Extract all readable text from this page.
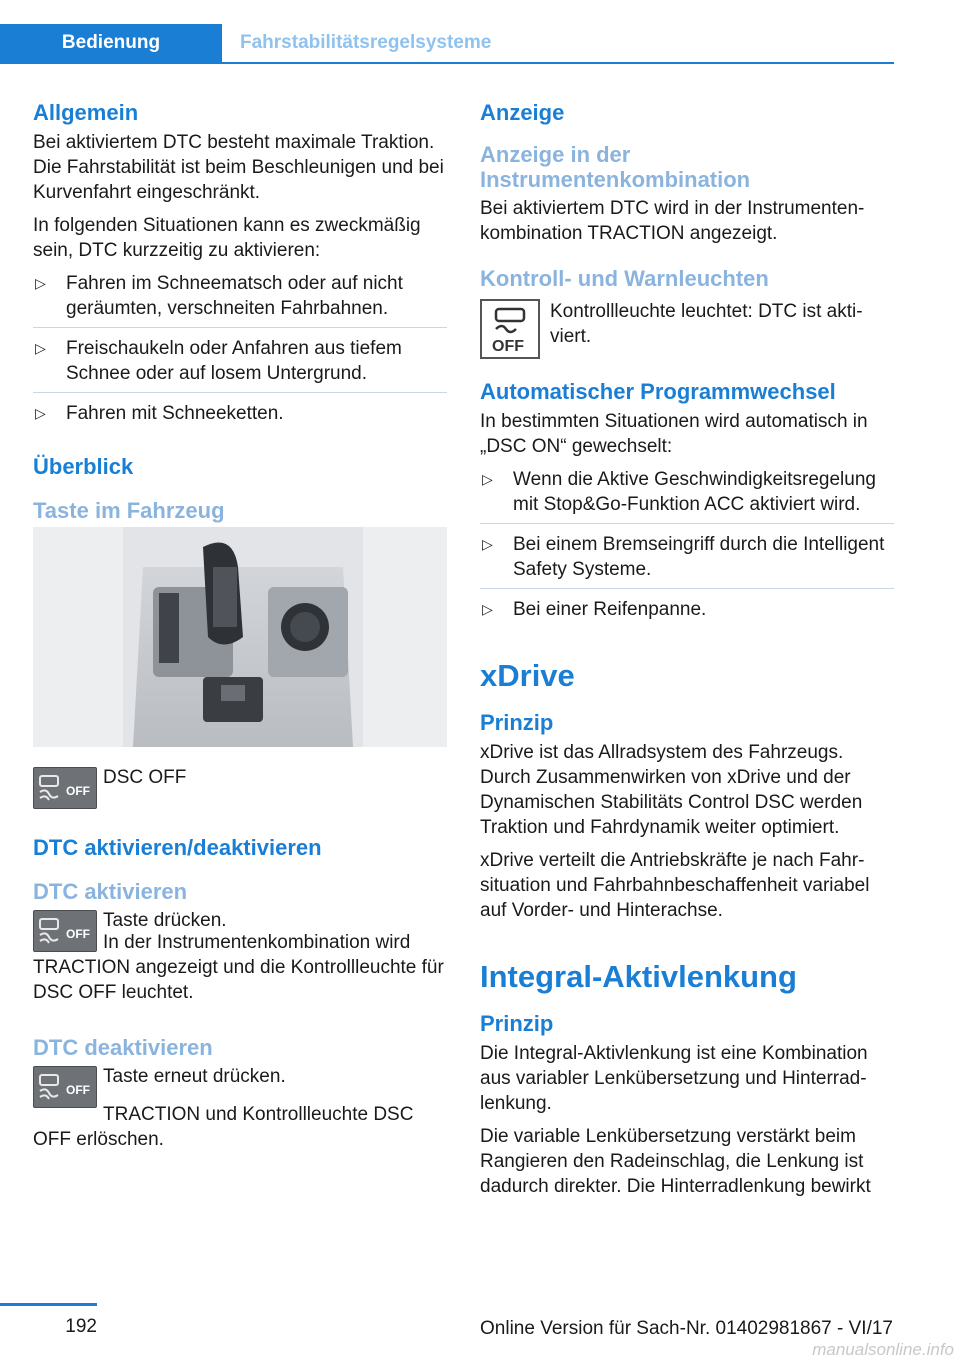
Bedienung	Fahrstabilitätsregelsysteme
Allgemein

Bei aktiviertem DTC besteht maximale Traktion. Die Fahrstabilität ist beim Beschleunigen und bei Kurvenfahrt eingeschränkt.

In folgenden Situationen kann es zweckmäßig sein, DTC kurzzeitig zu aktivieren:

▷ Fahren im Schneematsch oder auf nicht geräumten, verschneiten Fahrbahnen.
▷ Freischaukeln oder Anfahren aus tiefem Schnee oder auf losem Untergrund.
▷ Fahren mit Schneeketten.
Überblick
Taste im Fahrzeug
OFF
DSC OFF
DTC aktivieren/deaktivieren
DTC aktivieren
OFF
Taste drücken.

In der Instrumentenkombination wird TRACTION angezeigt und die Kontrollleuchte für DSC OFF leuchtet.

DTC deaktivieren
OFF
Taste erneut drücken.

TRACTION und Kontrollleuchte DSC OFF erlöschen.

Anzeige
Anzeige in der Instrumentenkombination

Bei aktiviertem DTC wird in der Instrumentenkombination TRACTION angezeigt.

Kontroll- und Warnleuchten
OFF
Kontrollleuchte leuchtet: DTC ist aktiviert.
Automatischer Programmwechsel

In bestimmten Situationen wird automatisch in „DSC ON“ gewechselt:

▷ Wenn die Aktive Geschwindigkeitsregelung mit Stop&Go-Funktion ACC aktiviert wird.
▷ Bei einem Bremseingriff durch die Intelligent Safety Systeme.
▷ Bei einer Reifenpanne.
xDrive
Prinzip

xDrive ist das Allradsystem des Fahrzeugs. Durch Zusammenwirken von xDrive und der Dynamischen Stabilitäts Control DSC werden Traktion und Fahrdynamik weiter optimiert.

xDrive verteilt die Antriebskräfte je nach Fahrsituation und Fahrbahnbeschaffenheit variabel auf Vorder- und Hinterachse.

Integral-Aktivlenkung
Prinzip

Die Integral-Aktivlenkung ist eine Kombination aus variabler Lenkübersetzung und Hinterradlenkung.

Die variable Lenkübersetzung verstärkt beim Rangieren den Radeinschlag, die Lenkung ist dadurch direkter. Die Hinterradlenkung bewirkt

192	Online Version für Sach-Nr. 01402981867 - VI/17
manualsonline.info
